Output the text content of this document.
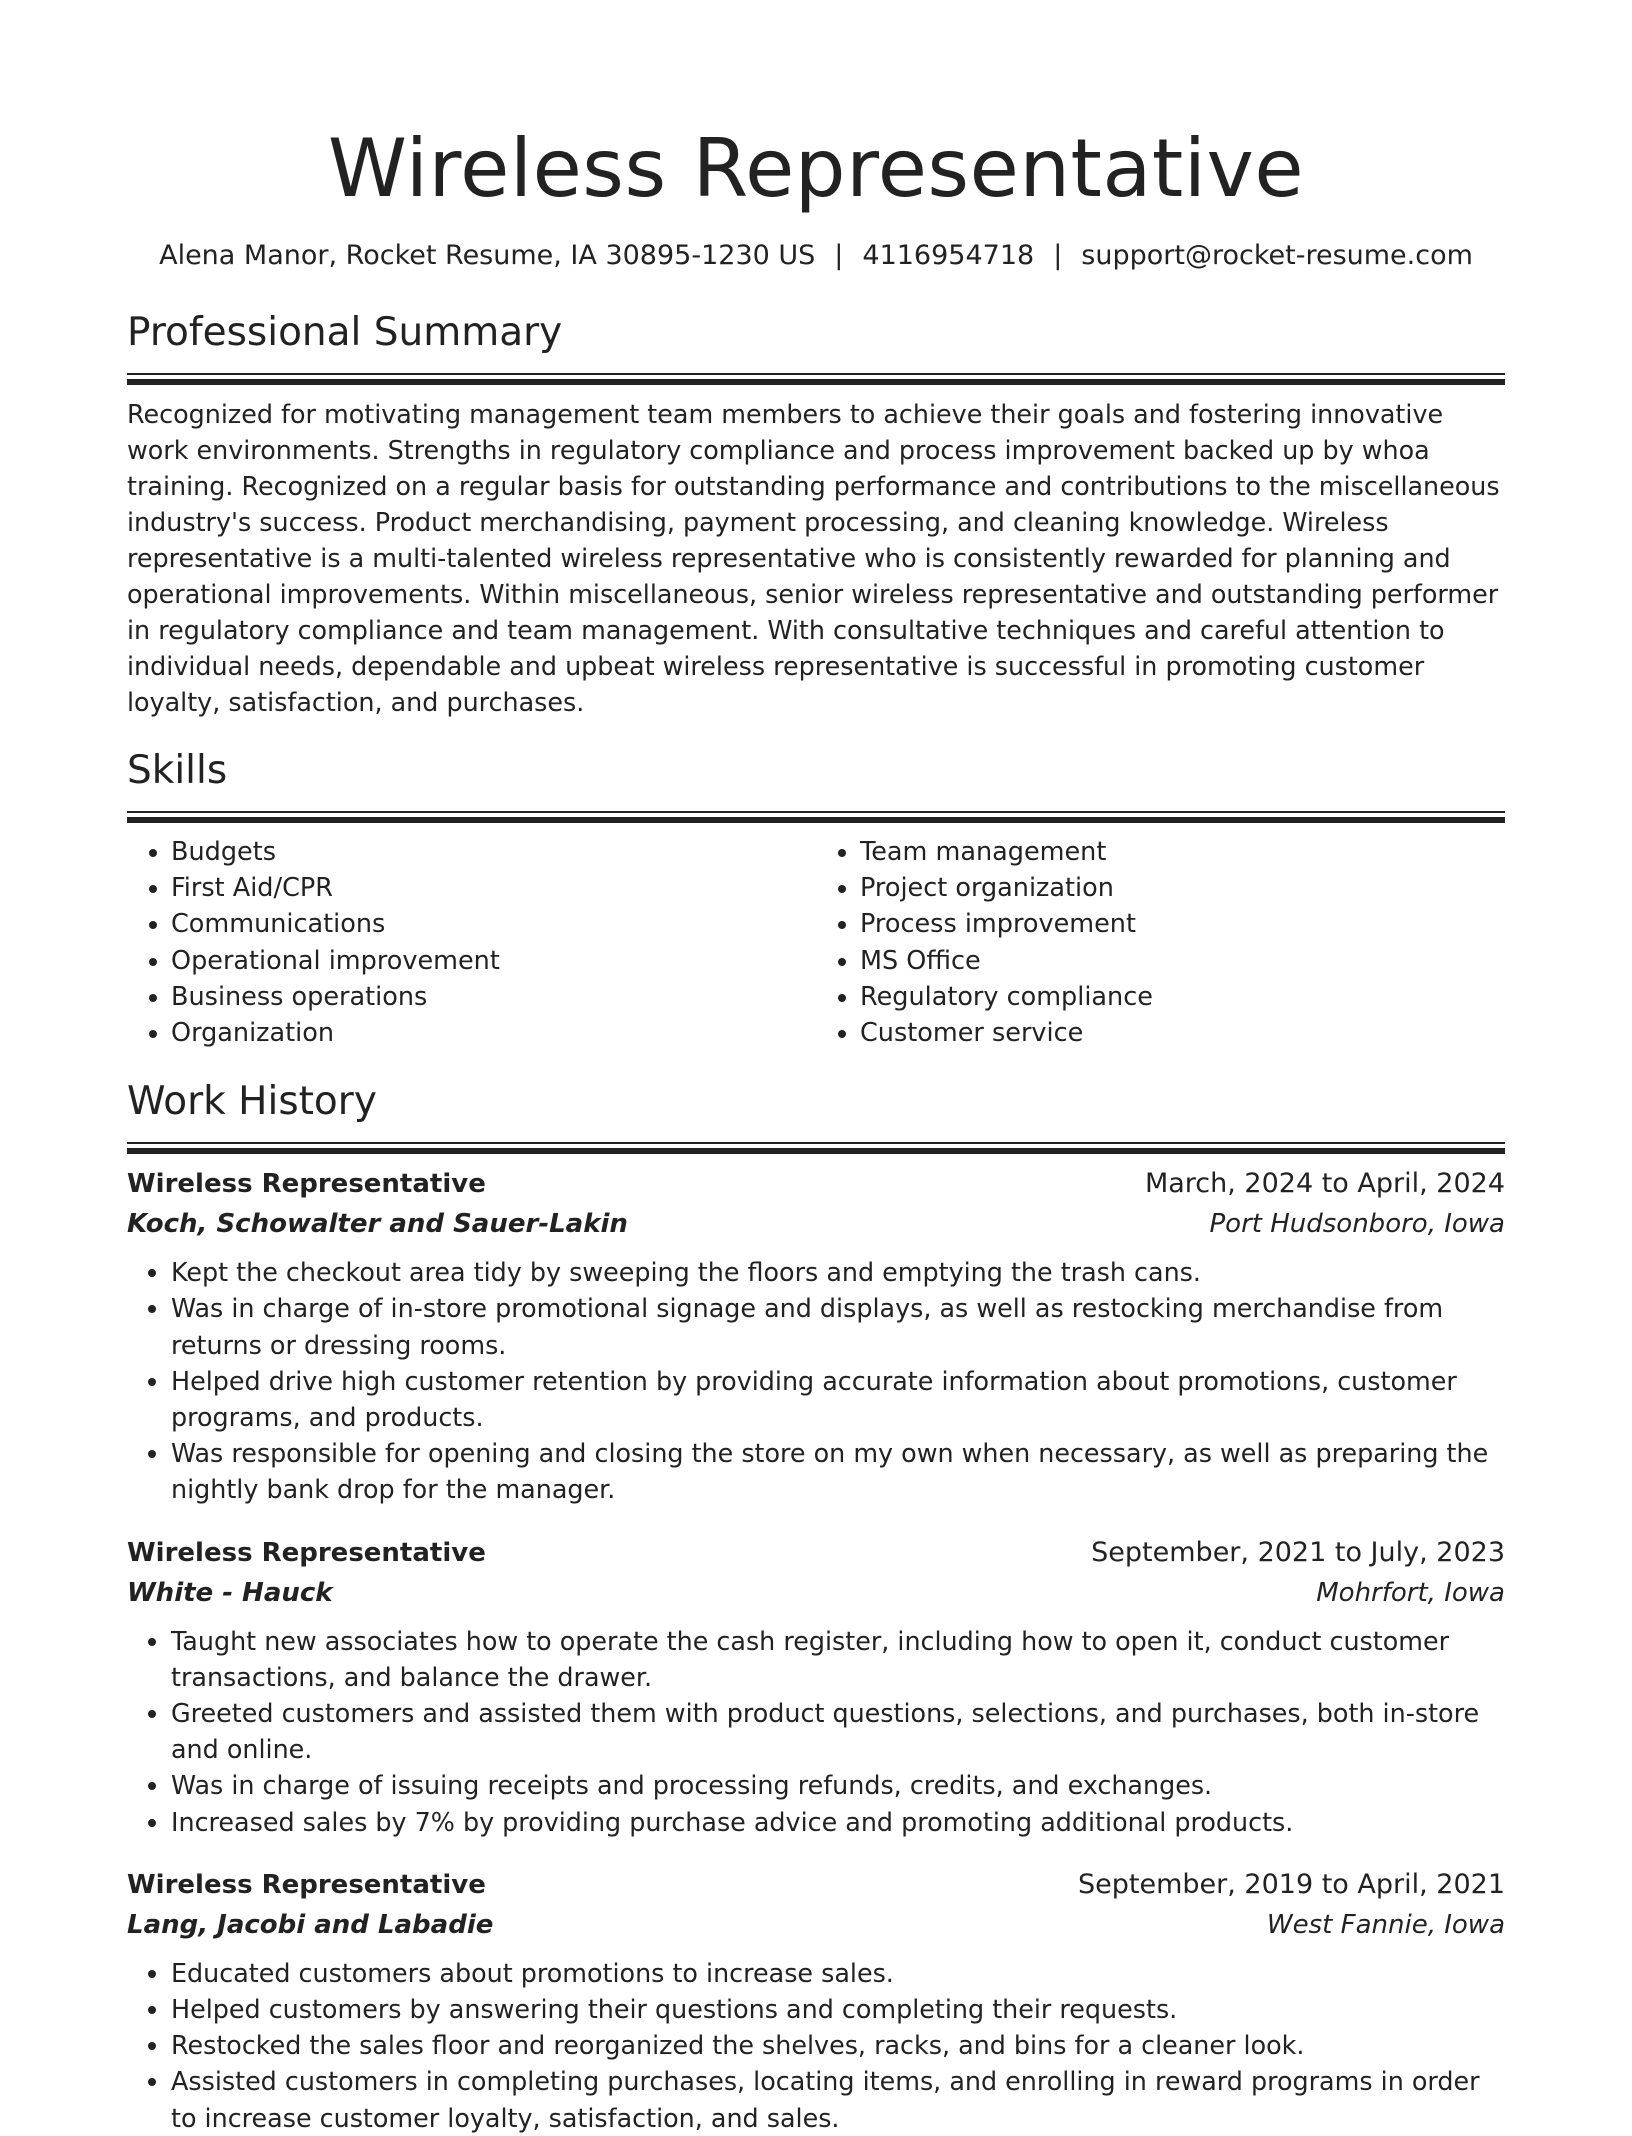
Wireless Representative
Alena Manor, Rocket Resume, IA 30895-1230 US | 4116954718 | support@rocket-resume.com
Professional Summary
Recognized for motivating management team members to achieve their goals and fostering innovative work environments. Strengths in regulatory compliance and process improvement backed up by whoa training. Recognized on a regular basis for outstanding performance and contributions to the miscellaneous industry's success. Product merchandising, payment processing, and cleaning knowledge. Wireless representative is a multi-talented wireless representative who is consistently rewarded for planning and operational improvements. Within miscellaneous, senior wireless representative and outstanding performer in regulatory compliance and team management. With consultative techniques and careful attention to individual needs, dependable and upbeat wireless representative is successful in promoting customer loyalty, satisfaction, and purchases.
Skills
• Budgets
• First Aid/CPR
• Communications
• Operational improvement
• Business operations
• Organization
• Team management
• Project organization
• Process improvement
• MS Office
• Regulatory compliance
• Customer service
Work History
Wireless Representative	March, 2024 to April, 2024
Koch, Schowalter and Sauer-Lakin	Port Hudsonboro, Iowa
• Kept the checkout area tidy by sweeping the floors and emptying the trash cans.
• Was in charge of in-store promotional signage and displays, as well as restocking merchandise from returns or dressing rooms.
• Helped drive high customer retention by providing accurate information about promotions, customer programs, and products.
• Was responsible for opening and closing the store on my own when necessary, as well as preparing the nightly bank drop for the manager.
Wireless Representative	September, 2021 to July, 2023
White - Hauck	Mohrfort, Iowa
• Taught new associates how to operate the cash register, including how to open it, conduct customer transactions, and balance the drawer.
• Greeted customers and assisted them with product questions, selections, and purchases, both in-store and online.
• Was in charge of issuing receipts and processing refunds, credits, and exchanges.
• Increased sales by 7% by providing purchase advice and promoting additional products.
Wireless Representative	September, 2019 to April, 2021
Lang, Jacobi and Labadie	West Fannie, Iowa
• Educated customers about promotions to increase sales.
• Helped customers by answering their questions and completing their requests.
• Restocked the sales floor and reorganized the shelves, racks, and bins for a cleaner look.
• Assisted customers in completing purchases, locating items, and enrolling in reward programs in order to increase customer loyalty, satisfaction, and sales.
